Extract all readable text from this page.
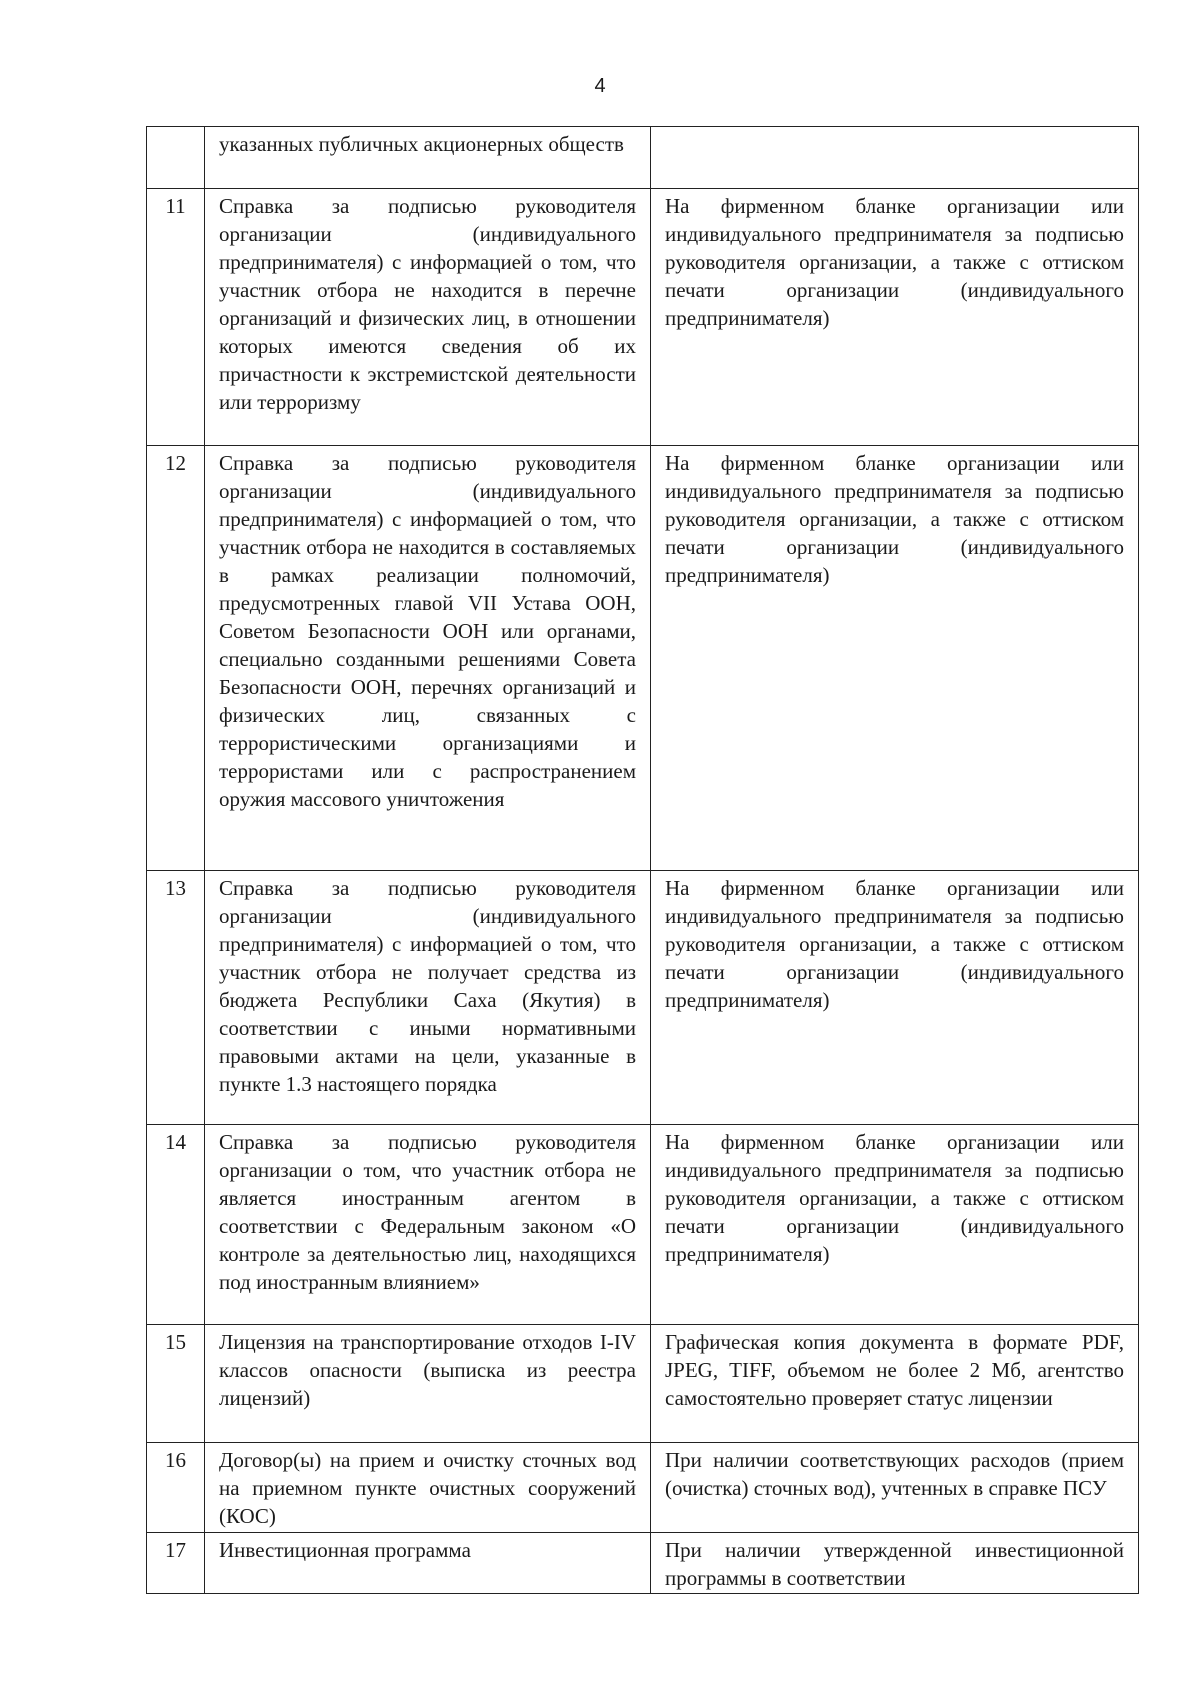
4
	указанных публичных акционерных обществ	
11	Справка за подписью руководителя организации (индивидуального предпринимателя) с информацией о том, что участник отбора не находится в перечне организаций и физических лиц, в отношении которых имеются сведения об их причастности к экстремистской деятельности или терроризму	На фирменном бланке организации или индивидуального предпринимателя за подписью руководителя организации, а также с оттиском печати организации (индивидуального предпринимателя)
12	Справка за подписью руководителя организации (индивидуального предпринимателя) с информацией о том, что участник отбора не находится в составляемых в рамках реализации полномочий, предусмотренных главой VII Устава ООН, Советом Безопасности ООН или органами, специально созданными решениями Совета Безопасности ООН, перечнях организаций и физических лиц, связанных с террористическими организациями и террористами или с распространением оружия массового уничтожения	На фирменном бланке организации или индивидуального предпринимателя за подписью руководителя организации, а также с оттиском печати организации (индивидуального предпринимателя)
13	Справка за подписью руководителя организации (индивидуального предпринимателя) с информацией о том, что участник отбора не получает средства из бюджета Республики Саха (Якутия) в соответствии с иными нормативными правовыми актами на цели, указанные в пункте 1.3 настоящего порядка	На фирменном бланке организации или индивидуального предпринимателя за подписью руководителя организации, а также с оттиском печати организации (индивидуального предпринимателя)
14	Справка за подписью руководителя организации о том, что участник отбора не является иностранным агентом в соответствии с Федеральным законом «О контроле за деятельностью лиц, находящихся под иностранным влиянием»	На фирменном бланке организации или индивидуального предпринимателя за подписью руководителя организации, а также с оттиском печати организации (индивидуального предпринимателя)
15	Лицензия на транспортирование отходов I-IV классов опасности (выписка из реестра лицензий)	Графическая копия документа в формате PDF, JPEG, TIFF, объемом не более 2 Мб, агентство самостоятельно проверяет статус лицензии
16	Договор(ы) на прием и очистку сточных вод на приемном пункте очистных сооружений (КОС)	При наличии соответствующих расходов (прием (очистка) сточных вод), учтенных в справке ПСУ
17	Инвестиционная программа	При наличии утвержденной инвестиционной программы в соответствии
